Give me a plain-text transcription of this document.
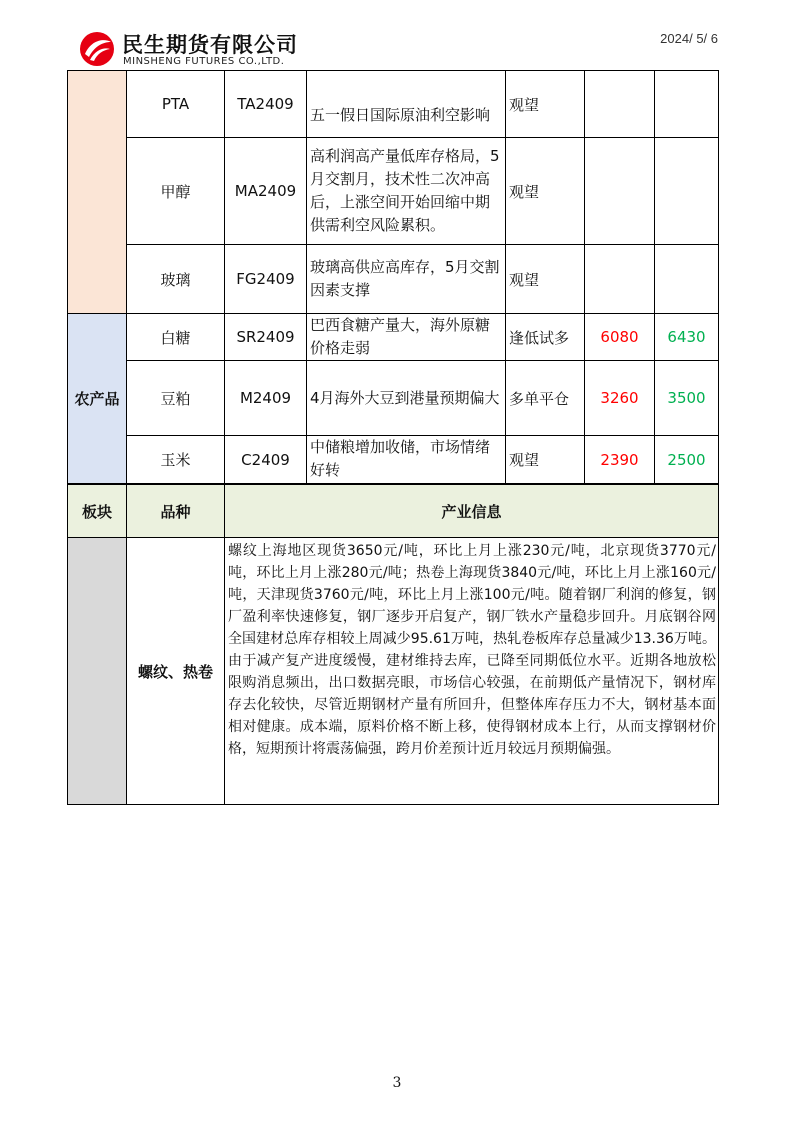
民生期货有限公司
MINSHENG FUTURES CO.,LTD.
2024/ 5/ 6
	PTA	TA2409	五一假日国际原油利空影响	观望		
	甲醇	MA2409	高利润高产量低库存格局，5月交割月，技术性二次冲高后，上涨空间开始回缩中期供需利空风险累积。	观望		
	玻璃	FG2409	玻璃高供应高库存，5月交割因素支撑	观望		
农产品	白糖	SR2409	巴西食糖产量大，海外原糖价格走弱	逢低试多	6080	6430
	豆粕	M2409	4月海外大豆到港量预期偏大	多单平仓	3260	3500
	玉米	C2409	中储粮增加收储，市场情绪好转	观望	2390	2500
板块	品种	产业信息
	螺纹、热卷	螺纹上海地区现货3650元/吨，环比上月上涨230元/吨，北京现货3770元/吨，环比上月上涨280元/吨；热卷上海现货3840元/吨，环比上月上涨160元/吨，天津现货3760元/吨，环比上月上涨100元/吨。随着钢厂利润的修复，钢厂盈利率快速修复，钢厂逐步开启复产，钢厂铁水产量稳步回升。月底钢谷网全国建材总库存相较上周减少95.61万吨，热轧卷板库存总量减少13.36万吨。由于减产复产进度缓慢，建材维持去库，已降至同期低位水平。近期各地放松限购消息频出，出口数据亮眼，市场信心较强，在前期低产量情况下，钢材库存去化较快，尽管近期钢材产量有所回升，但整体库存压力不大，钢材基本面相对健康。成本端，原料价格不断上移，使得钢材成本上行，从而支撑钢材价格，短期预计将震荡偏强，跨月价差预计近月较远月预期偏强。
3
